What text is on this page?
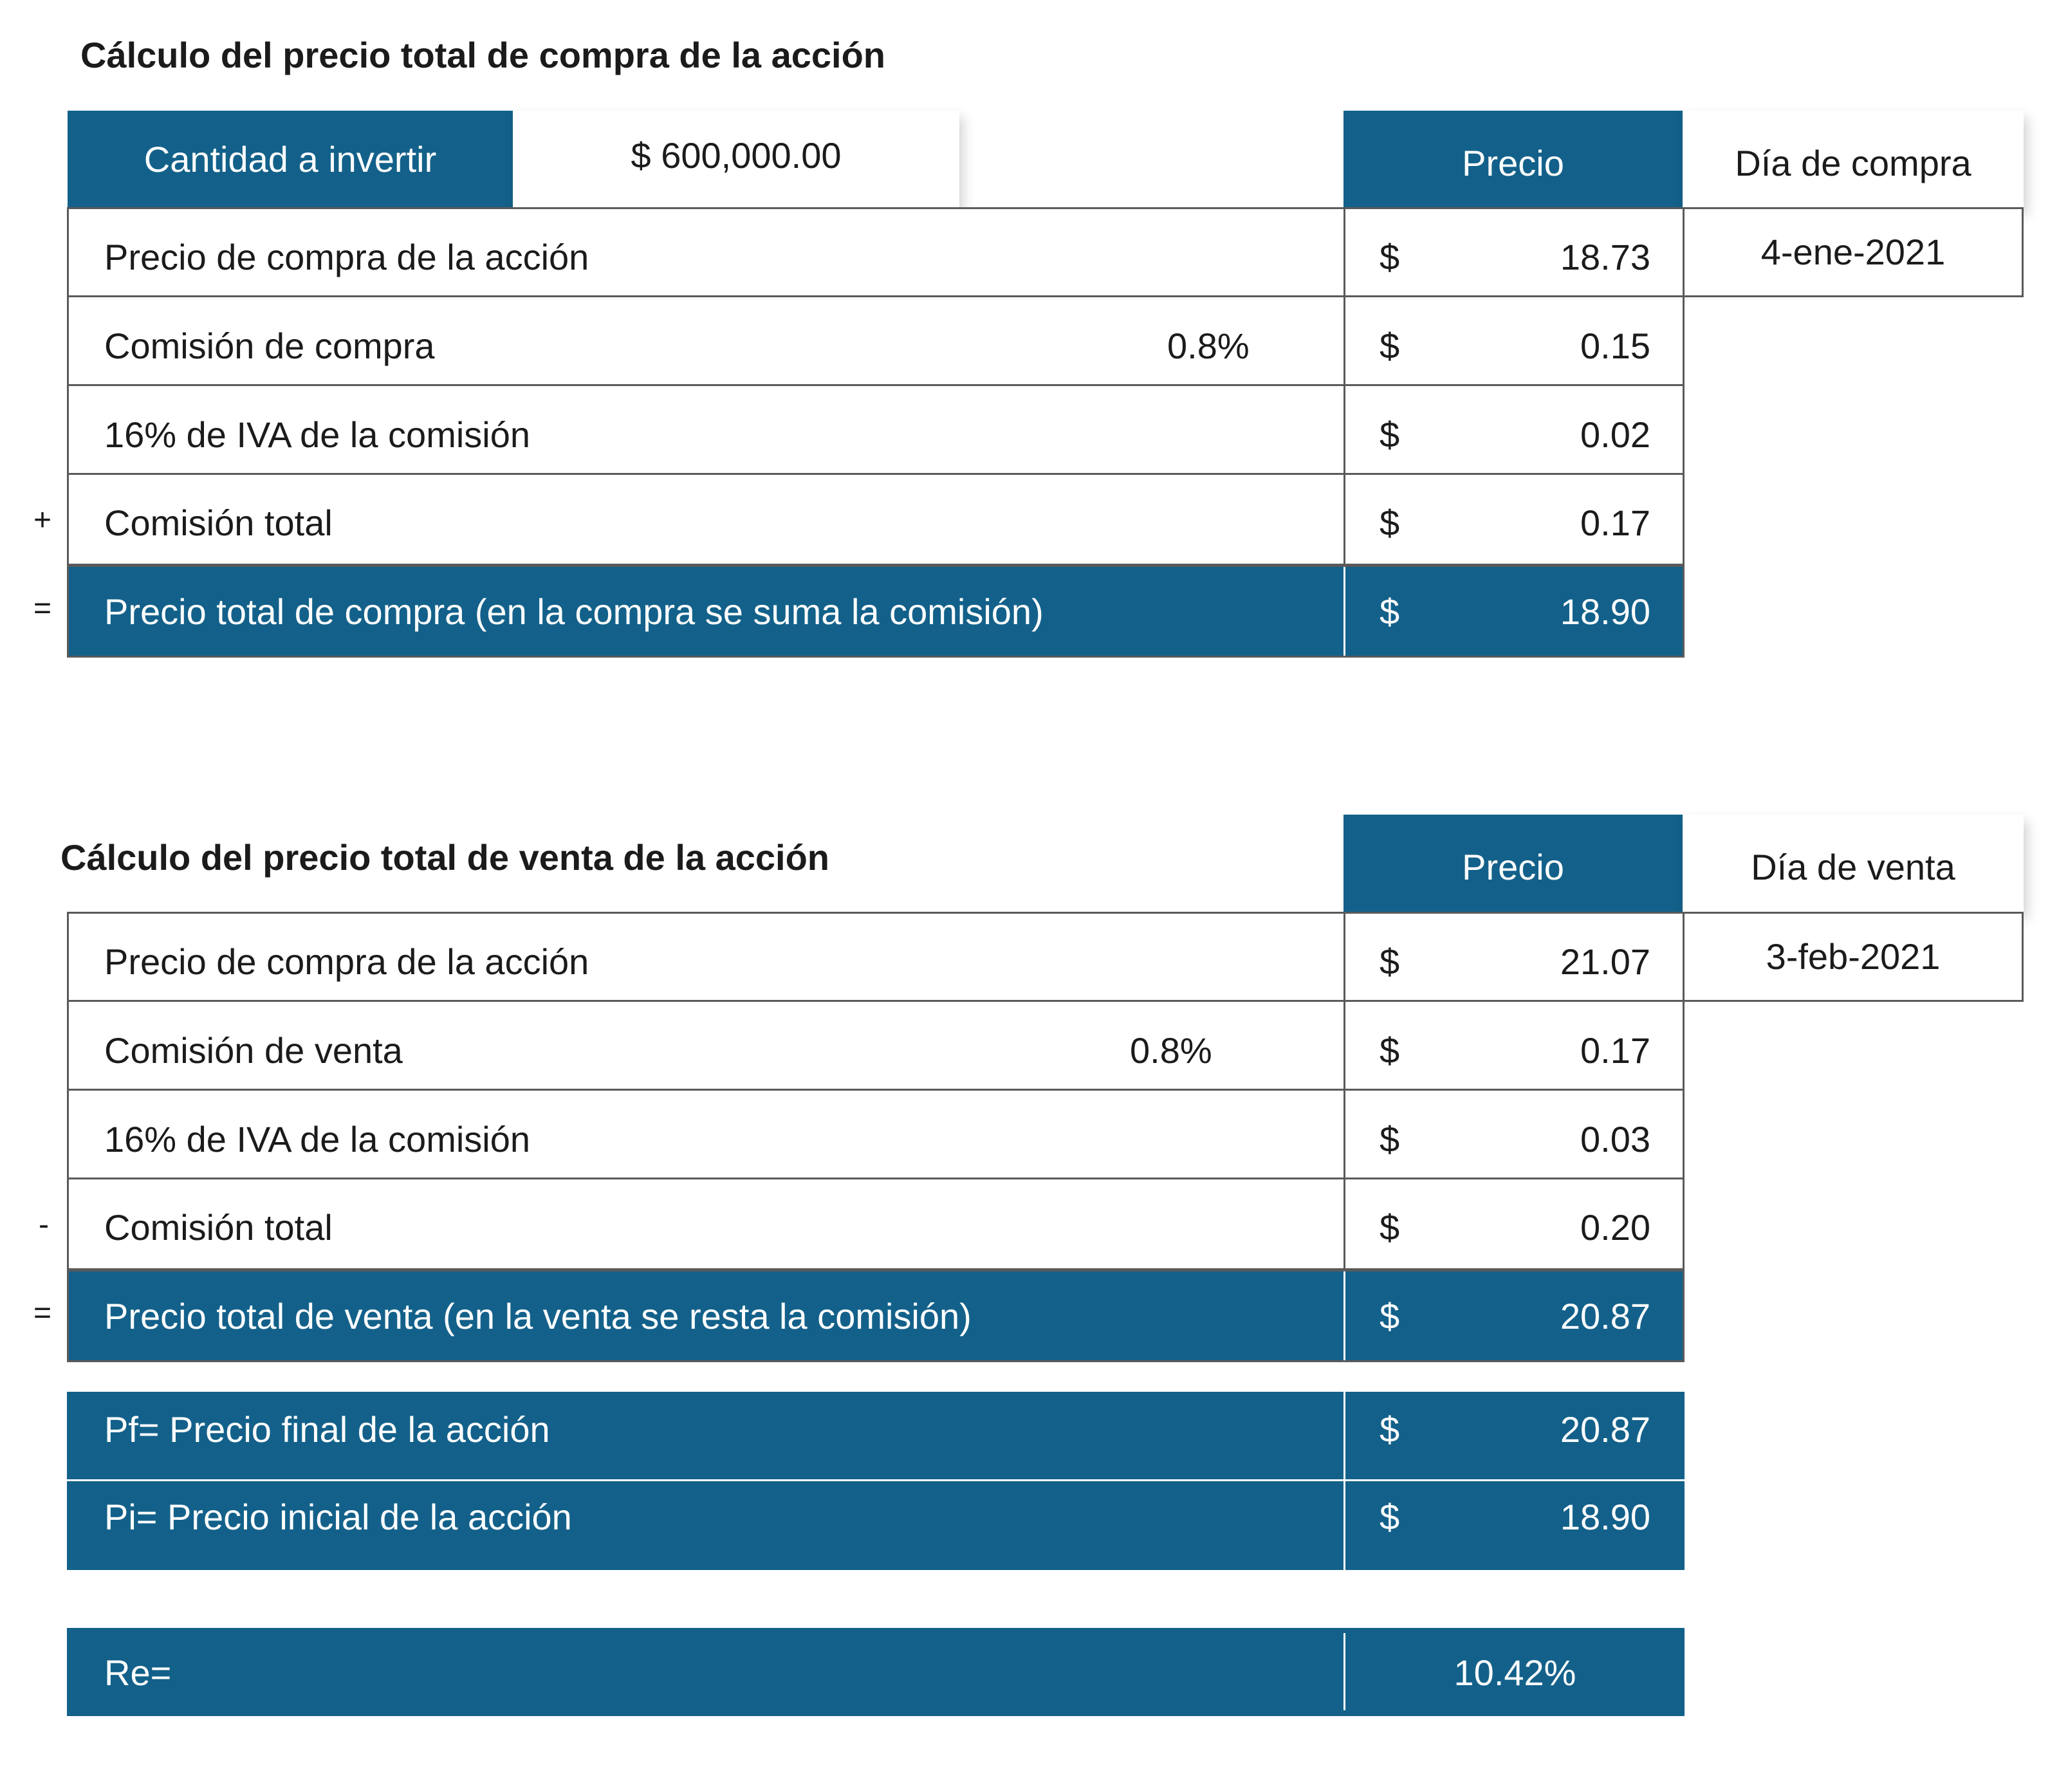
Cálculo del precio total de compra de la acción
Cantidad a invertir	$ 600,000.00	Precio	Día de compra
4-ene-2021
Precio de compra de la acción	$	18.73
Comisión de compra	0.8%	$	0.15
16% de IVA de la comisión	$	0.02
Comisión total	$	0.17
+
Precio total de compra (en la compra se suma la comisión)	$	18.90
=
Cálculo del precio total de venta de la acción	Precio	Día de venta
3-feb-2021
Precio de compra de la acción	$	21.07
Comisión de venta	0.8%	$	0.17
16% de IVA de la comisión	$	0.03
Comisión total	$	0.20
-
Precio total de venta (en la venta se resta la comisión)	$	20.87
=
Pf= Precio final de la acción	$	20.87
Pi= Precio inicial de la acción	$	18.90
Re=	10.42%
